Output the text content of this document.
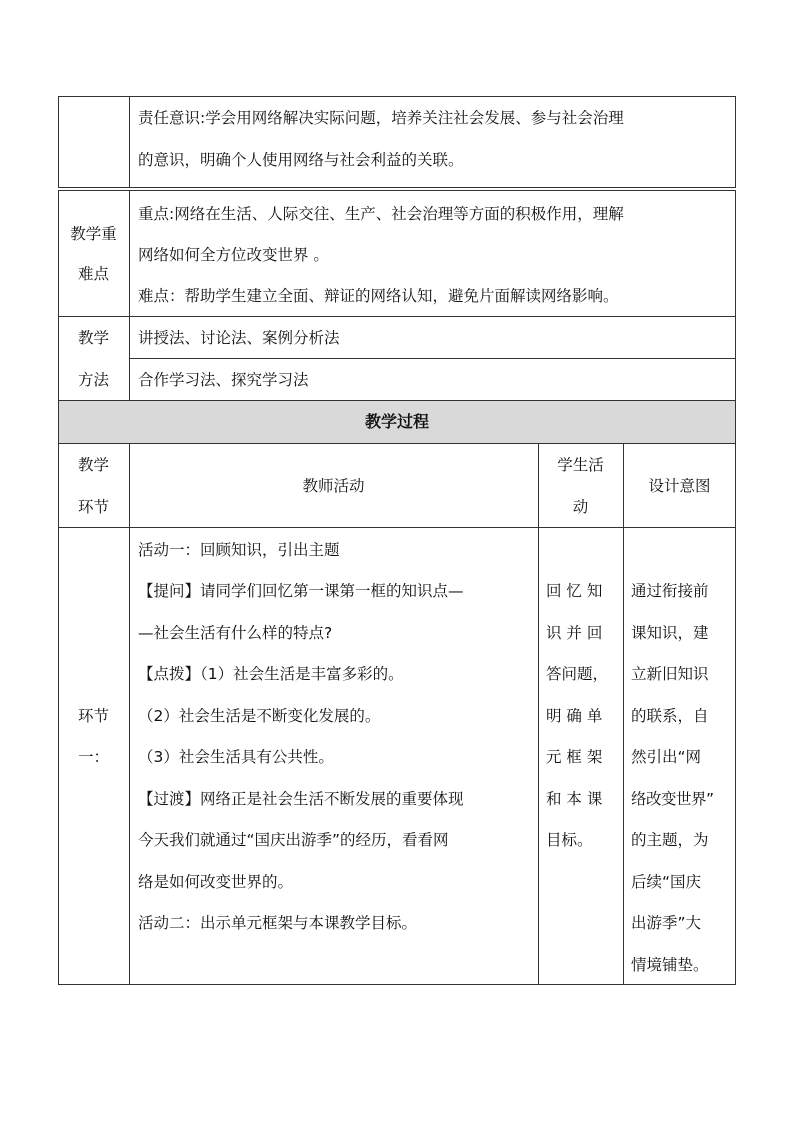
责任意识:学会用网络解决实际问题，培养关注社会发展、参与社会治理
的意识，明确个人使用网络与社会利益的关联。
教学重
难点
重点:网络在生活、人际交往、生产、社会治理等方面的积极作用，理解
网络如何全方位改变世界 。
难点：帮助学生建立全面、辩证的网络认知，避免片面解读网络影响。
教学
方法
讲授法、讨论法、案例分析法
合作学习法、探究学习法
教学过程
教学
环节
教师活动
学生活
动
设计意图
环节
一：
活动一：回顾知识，引出主题
【提问】请同学们回忆第一课第一框的知识点—
—社会生活有什么样的特点?
【点拨】（1）社会生活是丰富多彩的。
（2）社会生活是不断变化发展的。
（3）社会生活具有公共性。
【过渡】网络正是社会生活不断发展的重要体现
今天我们就通过“国庆出游季”的经历，看看网
络是如何改变世界的。
活动二：出示单元框架与本课教学目标。
回 忆 知
识 并 回
答问题，
明 确 单
元 框 架
和 本 课
目标。
通过衔接前
课知识，建
立新旧知识
的联系，自
然引出“网
络改变世界”
的主题，为
后续“国庆
出游季”大
情境铺垫。
